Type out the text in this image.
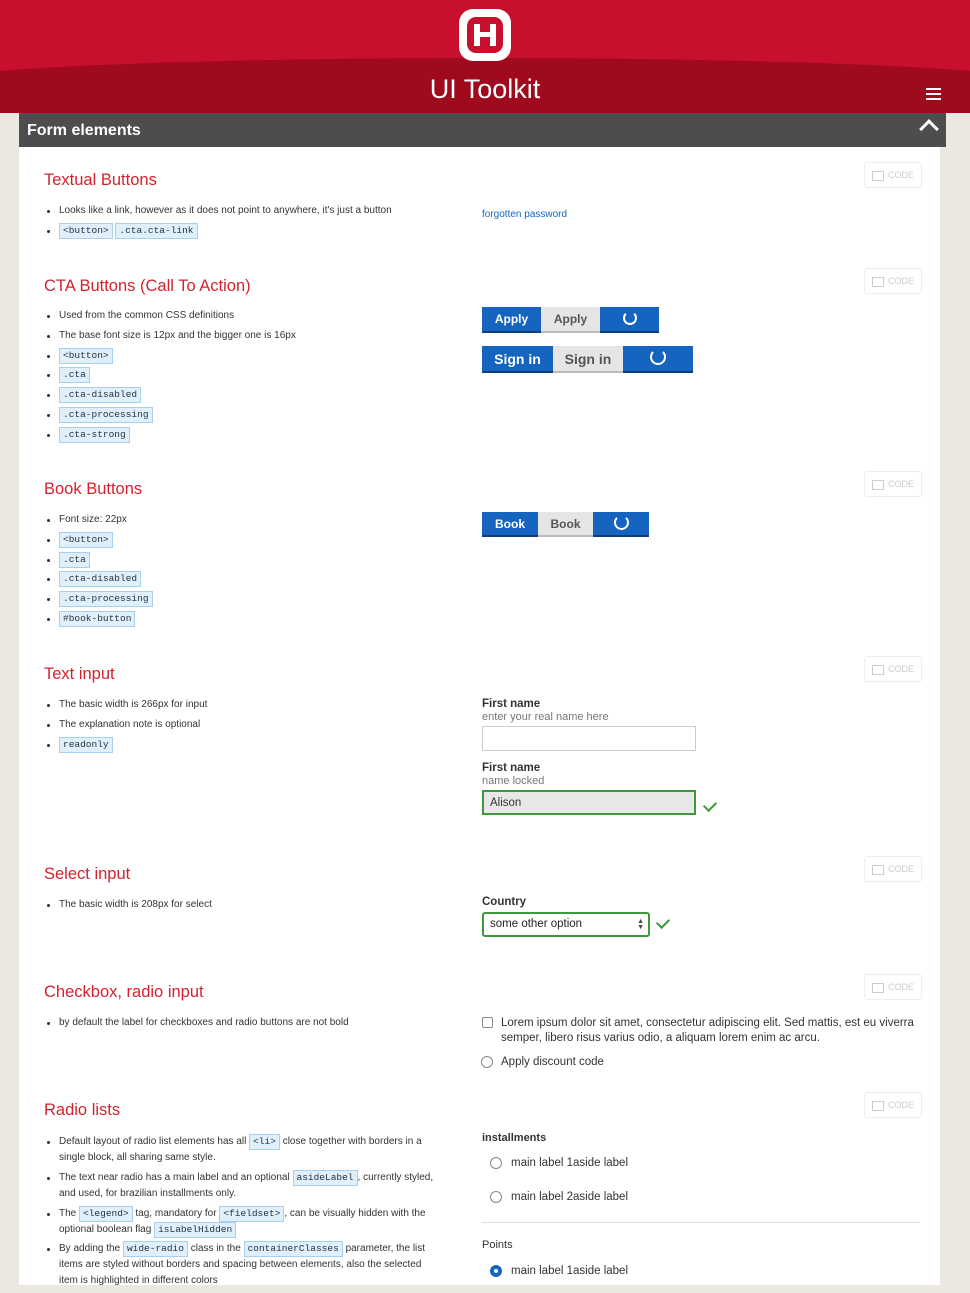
UI Toolkit
Form elements
Textual Buttons	CODE
Looks like a link, however as it does not point to anywhere, it's just a button
<button> .cta.cta-link
forgotten password
CTA Buttons (Call To Action)	CODE
Used from the common CSS definitions
The base font size is 12px and the bigger one is 16px
<button>
.cta
.cta-disabled
.cta-processing
.cta-strong
Apply	Apply
Sign in	Sign in
Book Buttons	CODE
Font size: 22px
<button>
.cta
.cta-disabled
.cta-processing
#book-button
Book	Book
Text input	CODE
The basic width is 266px for input
The explanation note is optional
readonly
First name
enter your real name here
First name
name locked
Alison
Select input	CODE
The basic width is 208px for select	Country
some other option	▲
▼
Checkbox, radio input	CODE
by default the label for checkboxes and radio buttons are not bold	Lorem ipsum dolor sit amet, consectetur adipiscing elit. Sed mattis, est eu viverra semper, libero risus varius odio, a aliquam lorem enim ac arcu.
Apply discount code
Radio lists	CODE
Default layout of radio list elements has all <li> close together with borders in a single block, all sharing same style.
The text near radio has a main label and an optional asideLabel , currently styled, and used, for brazilian installments only.
The <legend> tag, mandatory for <fieldset> , can be visually hidden with the optional boolean flag isLabelHidden
By adding the wide-radio class in the containerClasses parameter, the list items are styled without borders and spacing between elements, also the selected item is highlighted in different colors
installments
main label 1aside label
main label 2aside label
Points
main label 1aside label
